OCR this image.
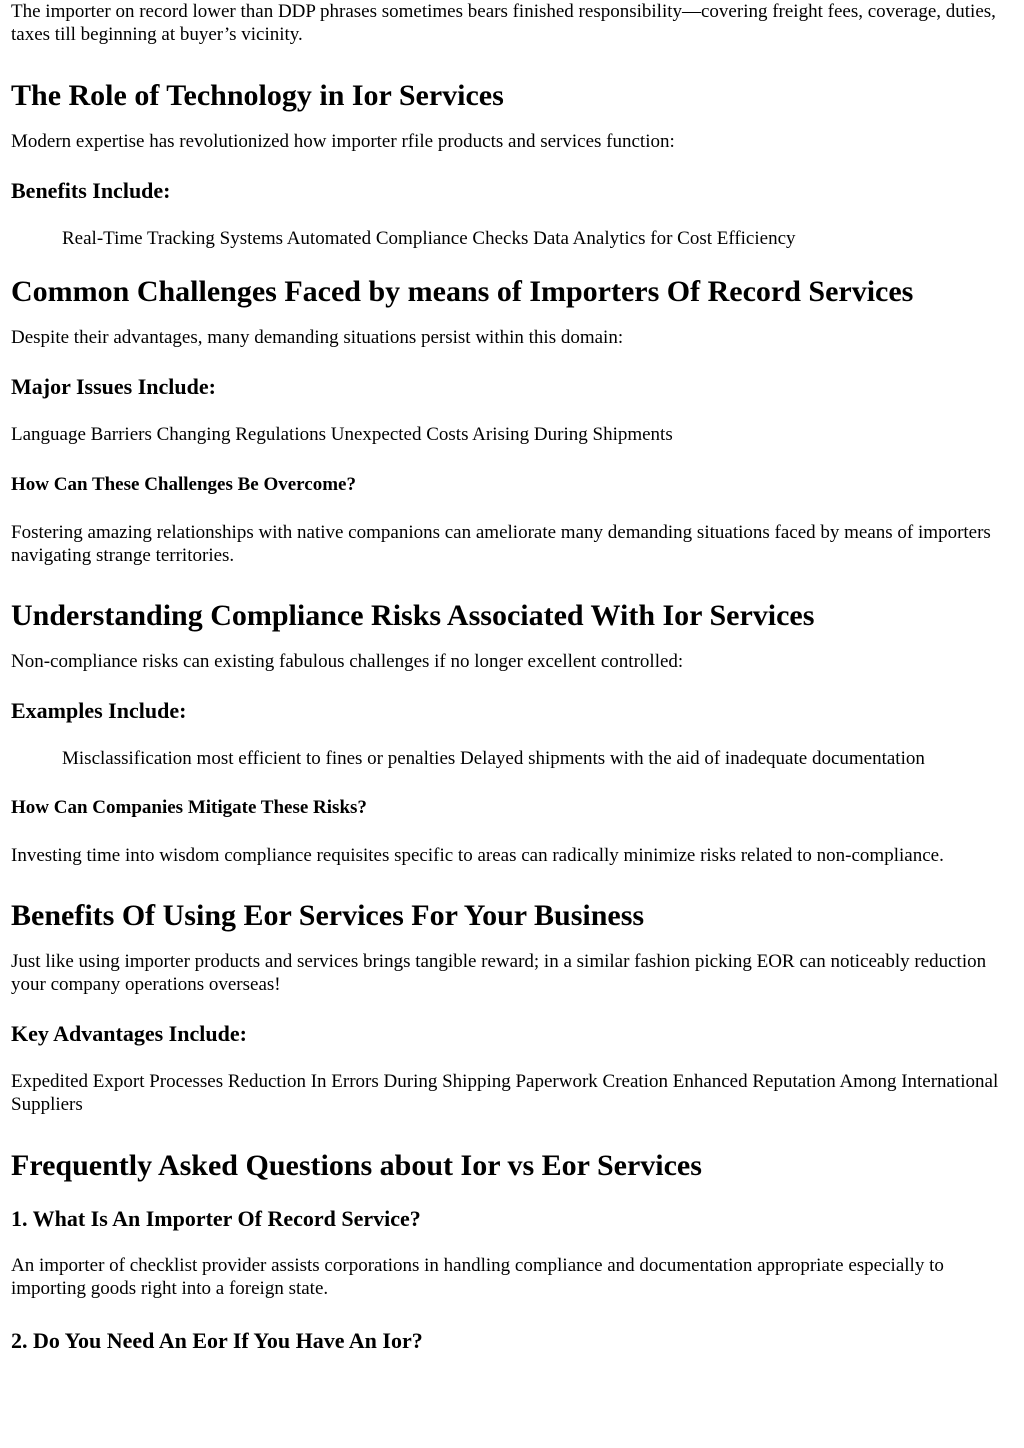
The importer on record lower than DDP phrases sometimes bears finished responsibility—covering freight fees, coverage, duties, taxes till beginning at buyer’s vicinity.

The Role of Technology in Ior Services

Modern expertise has revolutionized how importer rfile products and services function:

Benefits Include:

Real-Time Tracking Systems Automated Compliance Checks Data Analytics for Cost Efficiency

Common Challenges Faced by means of Importers Of Record Services

Despite their advantages, many demanding situations persist within this domain:

Major Issues Include:

Language Barriers Changing Regulations Unexpected Costs Arising During Shipments

How Can These Challenges Be Overcome?

Fostering amazing relationships with native companions can ameliorate many demanding situations faced by means of importers navigating strange territories.

Understanding Compliance Risks Associated With Ior Services

Non-compliance risks can existing fabulous challenges if no longer excellent controlled:

Examples Include:

Misclassification most efficient to fines or penalties Delayed shipments with the aid of inadequate documentation

How Can Companies Mitigate These Risks?

Investing time into wisdom compliance requisites specific to areas can radically minimize risks related to non-compliance.

Benefits Of Using Eor Services For Your Business

Just like using importer products and services brings tangible reward; in a similar fashion picking EOR can noticeably reduction your company operations overseas!

Key Advantages Include:

Expedited Export Processes Reduction In Errors During Shipping Paperwork Creation Enhanced Reputation Among International Suppliers

Frequently Asked Questions about Ior vs Eor Services
1. What Is An Importer Of Record Service?

An importer of checklist provider assists corporations in handling compliance and documentation appropriate especially to importing goods right into a foreign state.

2. Do You Need An Eor If You Have An Ior?
